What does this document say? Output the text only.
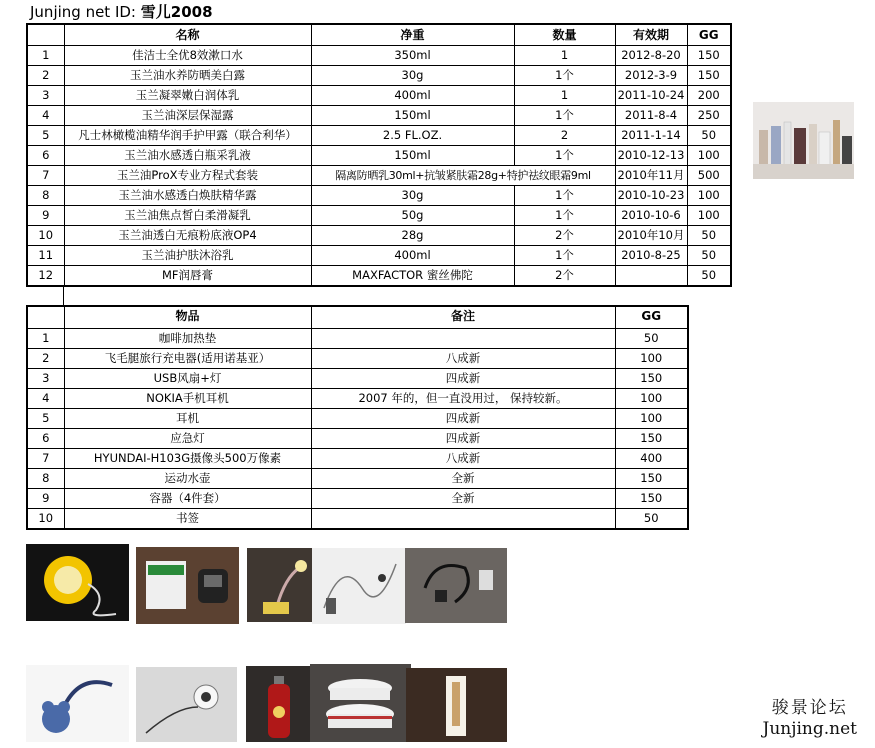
Junjing net ID: 雪儿2008
	名称	净重	数量	有效期	GG
1	佳洁士全优8效漱口水	350ml	1	2012-8-20	150
2	玉兰油水养防晒美白露	30g	1个	2012-3-9	150
3	玉兰凝翠嫩白润体乳	400ml	1	2011-10-24	200
4	玉兰油深层保湿露	150ml	1个	2011-8-4	250
5	凡士林橄榄油精华润手护甲露（联合利华）	2.5 FL.OZ.	2	2011-1-14	50
6	玉兰油水感透白瓶采乳液	150ml	1个	2010-12-13	100
7	玉兰油ProX专业方程式套装	隔离防晒乳30ml+抗皱紧肤霜28g+特护祛纹眼霜9ml		2010年11月	500
8	玉兰油水感透白焕肤精华露	30g	1个	2010-10-23	100
9	玉兰油焦点皙白柔滑凝乳	50g	1个	2010-10-6	100
10	玉兰油透白无痕粉底液OP4	28g	2个	2010年10月	50
11	玉兰油护肤沐浴乳	400ml	1个	2010-8-25	50
12	MF润唇膏	MAXFACTOR 蜜丝佛陀	2个		50
	物品	备注	GG
1	咖啡加热垫		50
2	飞毛腿旅行充电器(适用诺基亚）	八成新	100
3	USB风扇+灯	四成新	150
4	NOKIA手机耳机	2007 年的，但一直没用过， 保持较新。	100
5	耳机	四成新	100
6	应急灯	四成新	150
7	HYUNDAI-H103G摄像头500万像素	八成新	400
8	运动水壶	全新	150
9	容器（4件套）	全新	150
10	书签		50
骏景论坛
Junjing.net
